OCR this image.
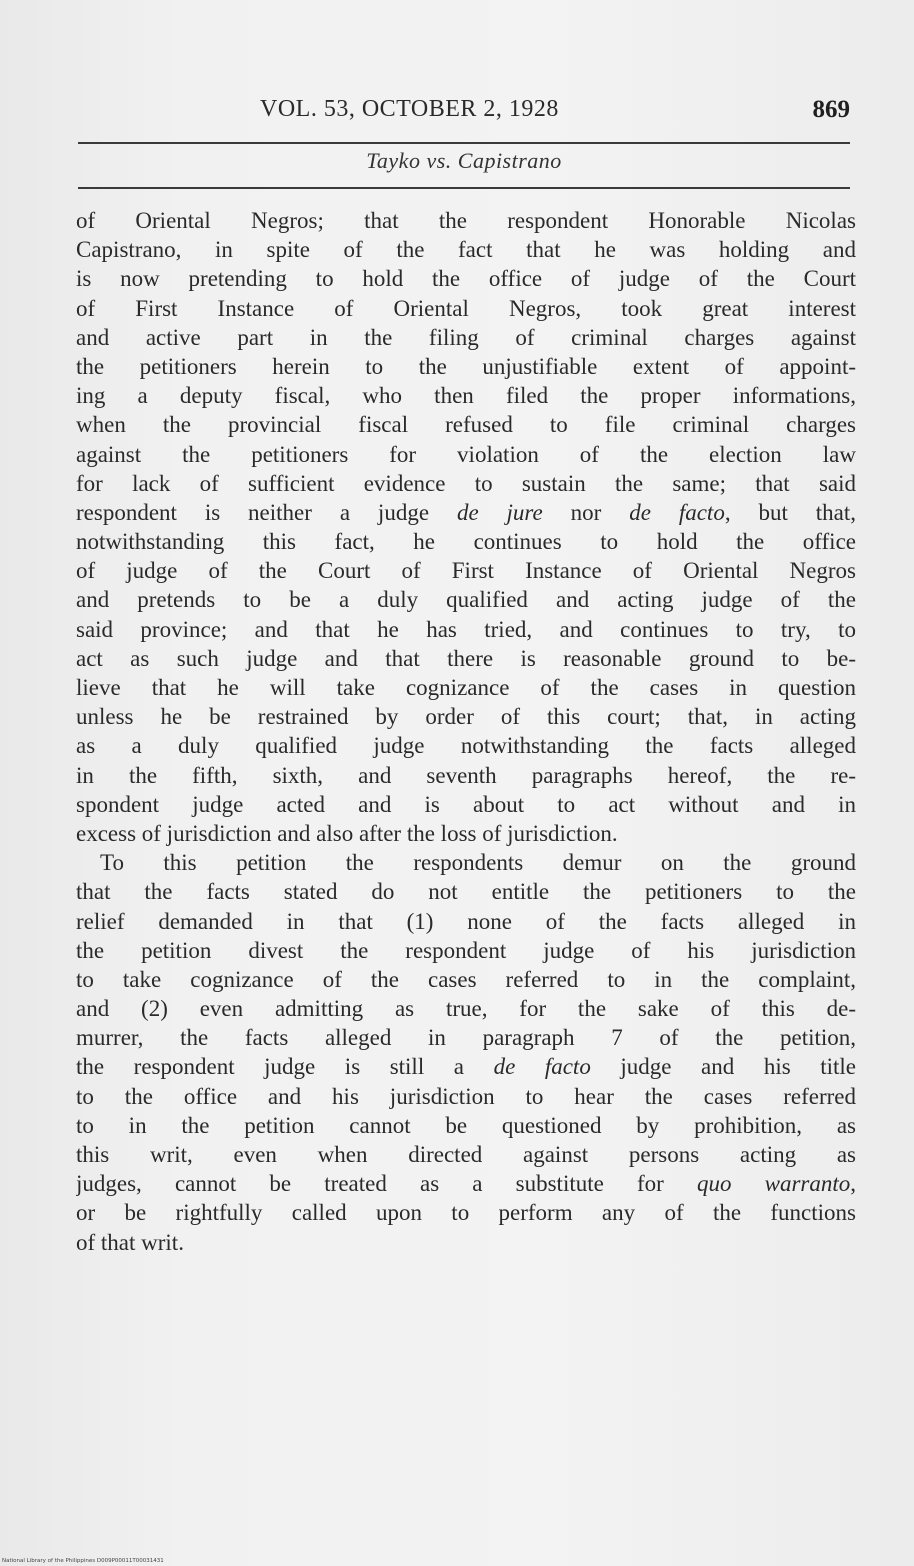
VOL. 53, OCTOBER 2, 1928	869
Tayko vs. Capistrano
of Oriental Negros; that the respondent Honorable Nicolas
Capistrano, in spite of the fact that he was holding and
is now pretending to hold the office of judge of the Court
of First Instance of Oriental Negros, took great interest
and active part in the filing of criminal charges against
the petitioners herein to the unjustifiable extent of appoint-
ing a deputy fiscal, who then filed the proper informations,
when the provincial fiscal refused to file criminal charges
against the petitioners for violation of the election law
for lack of sufficient evidence to sustain the same; that said
respondent is neither a judge de jure nor de facto, but that,
notwithstanding this fact, he continues to hold the office
of judge of the Court of First Instance of Oriental Negros
and pretends to be a duly qualified and acting judge of the
said province; and that he has tried, and continues to try, to
act as such judge and that there is reasonable ground to be-
lieve that he will take cognizance of the cases in question
unless he be restrained by order of this court; that, in acting
as a duly qualified judge notwithstanding the facts alleged
in the fifth, sixth, and seventh paragraphs hereof, the re-
spondent judge acted and is about to act without and in
excess of jurisdiction and also after the loss of jurisdiction.
To this petition the respondents demur on the ground
that the facts stated do not entitle the petitioners to the
relief demanded in that (1) none of the facts alleged in
the petition divest the respondent judge of his jurisdiction
to take cognizance of the cases referred to in the complaint,
and (2) even admitting as true, for the sake of this de-
murrer, the facts alleged in paragraph 7 of the petition,
the respondent judge is still a de facto judge and his title
to the office and his jurisdiction to hear the cases referred
to in the petition cannot be questioned by prohibition, as
this writ, even when directed against persons acting as
judges, cannot be treated as a substitute for quo warranto,
or be rightfully called upon to perform any of the functions
of that writ.
National Library of the Philippines D009P00011T00031431
